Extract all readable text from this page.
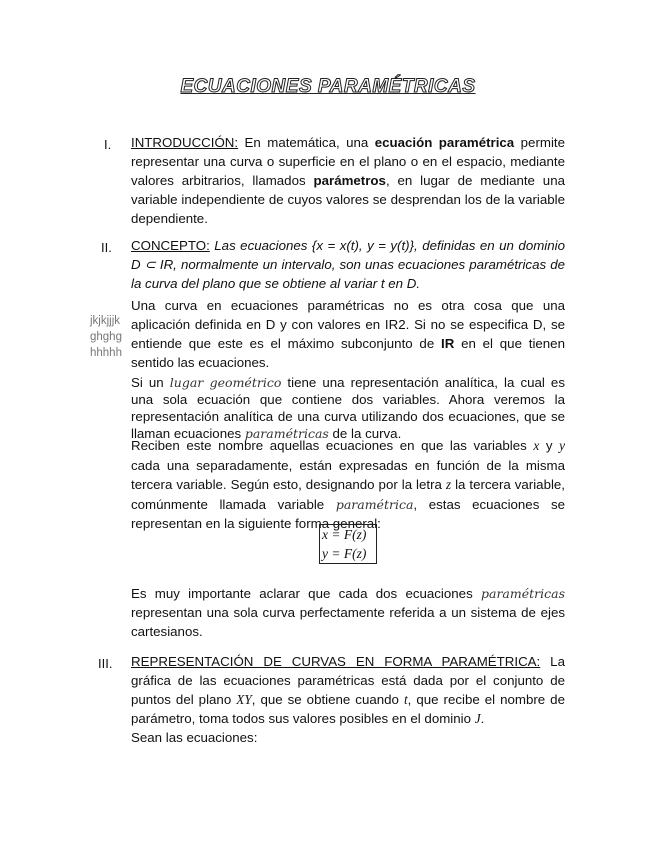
ECUACIONES PARAMÉTRICAS
I. INTRODUCCIÓN: En matemática, una ecuación paramétrica permite representar una curva o superficie en el plano o en el espacio, mediante valores arbitrarios, llamados parámetros, en lugar de mediante una variable independiente de cuyos valores se desprendan los de la variable dependiente.
II. CONCEPTO: Las ecuaciones {x = x(t), y = y(t)}, definidas en un dominio D ⊂ IR, normalmente un intervalo, son unas ecuaciones paramétricas de la curva del plano que se obtiene al variar t en D.
jkjkjjjk
ghghg
hhhhh
Una curva en ecuaciones paramétricas no es otra cosa que una aplicación definida en D y con valores en IR2. Si no se especifica D, se entiende que este es el máximo subconjunto de IR en el que tienen sentido las ecuaciones.
Si un lugar geométrico tiene una representación analítica, la cual es una sola ecuación que contiene dos variables. Ahora veremos la representación analítica de una curva utilizando dos ecuaciones, que se llaman ecuaciones paramétricas de la curva.
Reciben este nombre aquellas ecuaciones en que las variables x y y cada una separadamente, están expresadas en función de la misma tercera variable. Según esto, designando por la letra z la tercera variable, comúnmente llamada variable paramétrica, estas ecuaciones se representan en la siguiente forma general:
x = F(z)
y = F(z)
Es muy importante aclarar que cada dos ecuaciones paramétricas representan una sola curva perfectamente referida a un sistema de ejes cartesianos.
III. REPRESENTACIÓN DE CURVAS EN FORMA PARAMÉTRICA: La gráfica de las ecuaciones paramétricas está dada por el conjunto de puntos del plano XY, que se obtiene cuando t, que recibe el nombre de parámetro, toma todos sus valores posibles en el dominio J.
Sean las ecuaciones:
